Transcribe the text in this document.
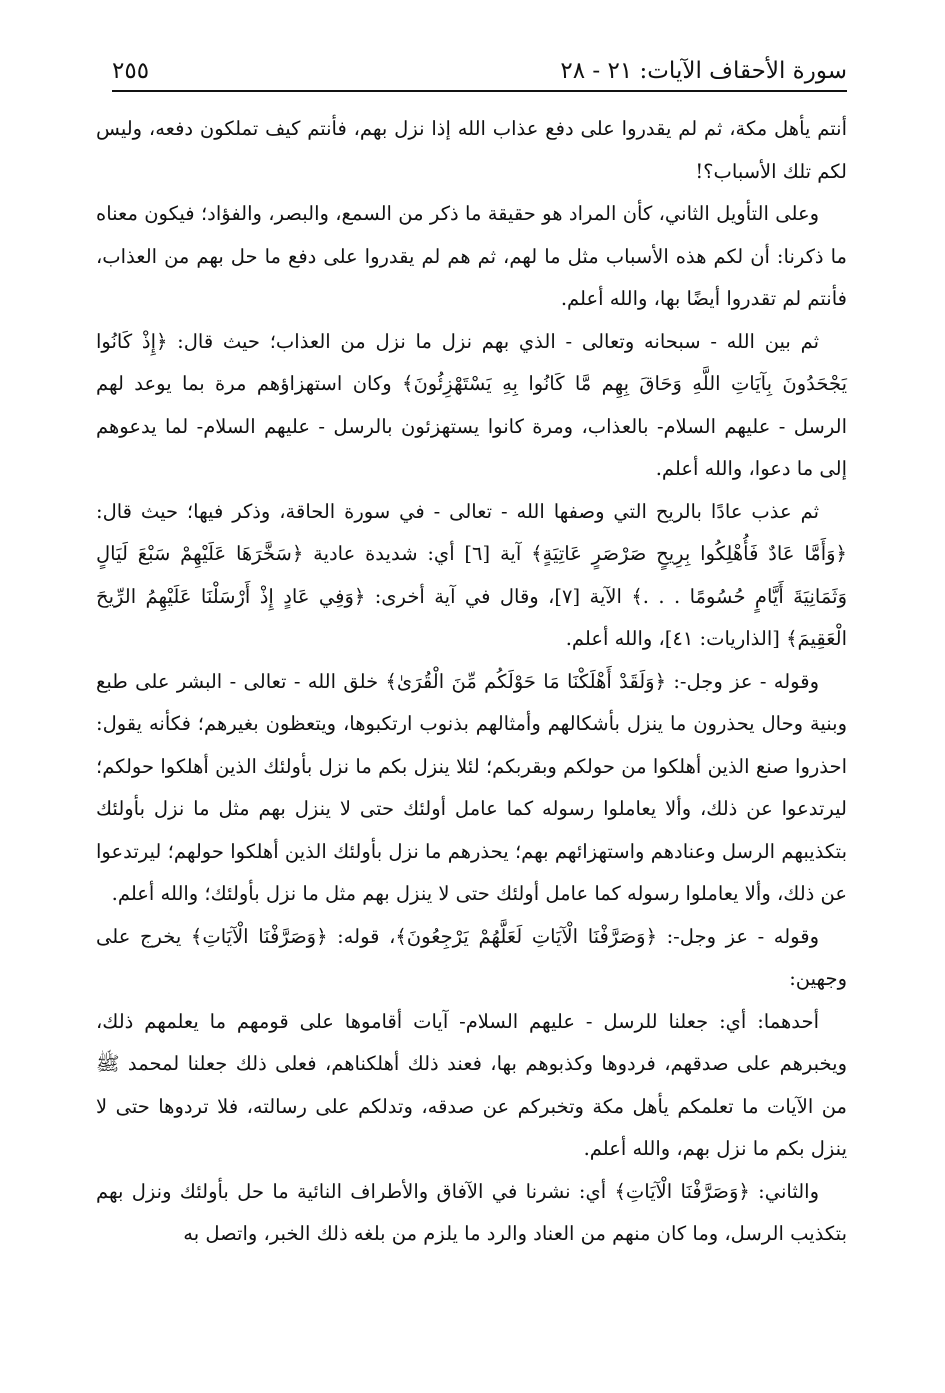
سورة الأحقاف الآيات: ٢١ - ٢٨
٢٥٥

أنتم يأهل مكة، ثم لم يقدروا على دفع عذاب الله إذا نزل بهم، فأنتم كيف تملكون دفعه، وليس لكم تلك الأسباب؟!

وعلى التأويل الثاني، كأن المراد هو حقيقة ما ذكر من السمع، والبصر، والفؤاد؛ فيكون معناه ما ذكرنا: أن لكم هذه الأسباب مثل ما لهم، ثم هم لم يقدروا على دفع ما حل بهم من العذاب، فأنتم لم تقدروا أيضًا بها، والله أعلم.

ثم بين الله - سبحانه وتعالى - الذي بهم نزل ما نزل من العذاب؛ حيث قال: ﴿إِذْ كَانُوا يَجْحَدُونَ بِآيَاتِ اللَّهِ وَحَاقَ بِهِم مَّا كَانُوا بِهِ يَسْتَهْزِئُونَ﴾ وكان استهزاؤهم مرة بما يوعد لهم الرسل - عليهم السلام- بالعذاب، ومرة كانوا يستهزئون بالرسل - عليهم السلام- لما يدعوهم إلى ما دعوا، والله أعلم.

ثم عذب عادًا بالريح التي وصفها الله - تعالى - في سورة الحاقة، وذكر فيها؛ حيث قال: ﴿وَأَمَّا عَادٌ فَأُهْلِكُوا بِرِيحٍ صَرْصَرٍ عَاتِيَةٍ﴾ آية [٦] أي: شديدة عادية ﴿سَخَّرَهَا عَلَيْهِمْ سَبْعَ لَيَالٍ وَثَمَانِيَةَ أَيَّامٍ حُسُومًا . . .﴾ الآية [٧]، وقال في آية أخرى: ﴿وَفِي عَادٍ إِذْ أَرْسَلْنَا عَلَيْهِمُ الرِّيحَ الْعَقِيمَ﴾ [الذاريات: ٤١]، والله أعلم.

وقوله - عز وجل-: ﴿وَلَقَدْ أَهْلَكْنَا مَا حَوْلَكُم مِّنَ الْقُرَىٰ﴾ خلق الله - تعالى - البشر على طبع وبنية وحال يحذرون ما ينزل بأشكالهم وأمثالهم بذنوب ارتكبوها، ويتعظون بغيرهم؛ فكأنه يقول: احذروا صنع الذين أهلكوا من حولكم وبقربكم؛ لئلا ينزل بكم ما نزل بأولئك الذين أهلكوا حولكم؛ ليرتدعوا عن ذلك، وألا يعاملوا رسوله كما عامل أولئك حتى لا ينزل بهم مثل ما نزل بأولئك بتكذيبهم الرسل وعنادهم واستهزائهم بهم؛ يحذرهم ما نزل بأولئك الذين أهلكوا حولهم؛ ليرتدعوا عن ذلك، وألا يعاملوا رسوله كما عامل أولئك حتى لا ينزل بهم مثل ما نزل بأولئك؛ والله أعلم.

وقوله - عز وجل-: ﴿وَصَرَّفْنَا الْآيَاتِ لَعَلَّهُمْ يَرْجِعُونَ﴾، قوله: ﴿وَصَرَّفْنَا الْآيَاتِ﴾ يخرج على وجهين:

أحدهما: أي: جعلنا للرسل - عليهم السلام- آيات أقاموها على قومهم ما يعلمهم ذلك، ويخبرهم على صدقهم، فردوها وكذبوهم بها، فعند ذلك أهلكناهم، فعلى ذلك جعلنا لمحمد ﷺ من الآيات ما تعلمكم يأهل مكة وتخبركم عن صدقه، وتدلكم على رسالته، فلا تردوها حتى لا ينزل بكم ما نزل بهم، والله أعلم.

والثاني: ﴿وَصَرَّفْنَا الْآيَاتِ﴾ أي: نشرنا في الآفاق والأطراف النائية ما حل بأولئك ونزل بهم بتكذيب الرسل، وما كان منهم من العناد والرد ما يلزم من بلغه ذلك الخبر، واتصل به
